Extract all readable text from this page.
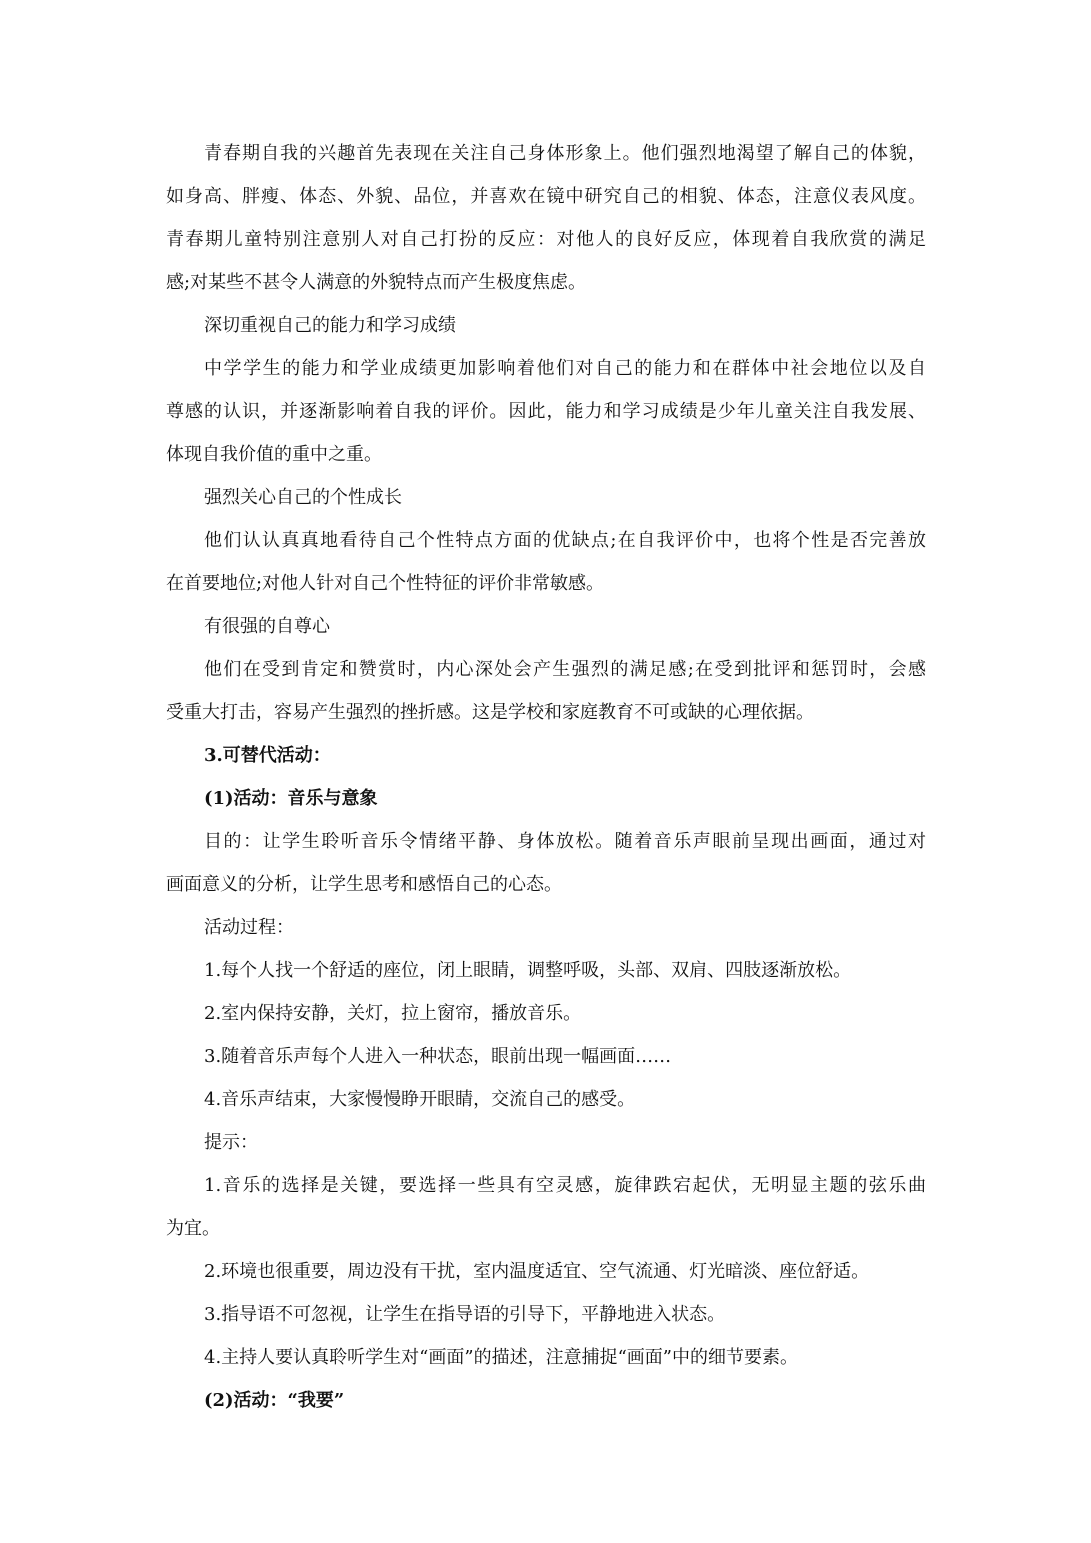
青春期自我的兴趣首先表现在关注自己身体形象上。他们强烈地渴望了解自己的体貌，
如身高、胖瘦、体态、外貌、品位，并喜欢在镜中研究自己的相貌、体态，注意仪表风度。
青春期儿童特别注意别人对自己打扮的反应：对他人的良好反应，体现着自我欣赏的满足
感;对某些不甚令人满意的外貌特点而产生极度焦虑。
深切重视自己的能力和学习成绩
中学学生的能力和学业成绩更加影响着他们对自己的能力和在群体中社会地位以及自
尊感的认识，并逐渐影响着自我的评价。因此，能力和学习成绩是少年儿童关注自我发展、
体现自我价值的重中之重。
强烈关心自己的个性成长
他们认认真真地看待自己个性特点方面的优缺点;在自我评价中，也将个性是否完善放
在首要地位;对他人针对自己个性特征的评价非常敏感。
有很强的自尊心
他们在受到肯定和赞赏时，内心深处会产生强烈的满足感;在受到批评和惩罚时，会感
受重大打击，容易产生强烈的挫折感。这是学校和家庭教育不可或缺的心理依据。
3.可替代活动：
(1)活动：音乐与意象
目的：让学生聆听音乐令情绪平静、身体放松。随着音乐声眼前呈现出画面，通过对
画面意义的分析，让学生思考和感悟自己的心态。
活动过程：
1.每个人找一个舒适的座位，闭上眼睛，调整呼吸，头部、双肩、四肢逐渐放松。
2.室内保持安静，关灯，拉上窗帘，播放音乐。
3.随着音乐声每个人进入一种状态，眼前出现一幅画面……
4.音乐声结束，大家慢慢睁开眼睛，交流自己的感受。
提示：
1.音乐的选择是关键，要选择一些具有空灵感，旋律跌宕起伏，无明显主题的弦乐曲
为宜。
2.环境也很重要，周边没有干扰，室内温度适宜、空气流通、灯光暗淡、座位舒适。
3.指导语不可忽视，让学生在指导语的引导下，平静地进入状态。
4.主持人要认真聆听学生对“画面”的描述，注意捕捉“画面”中的细节要素。
(2)活动：“我要”
